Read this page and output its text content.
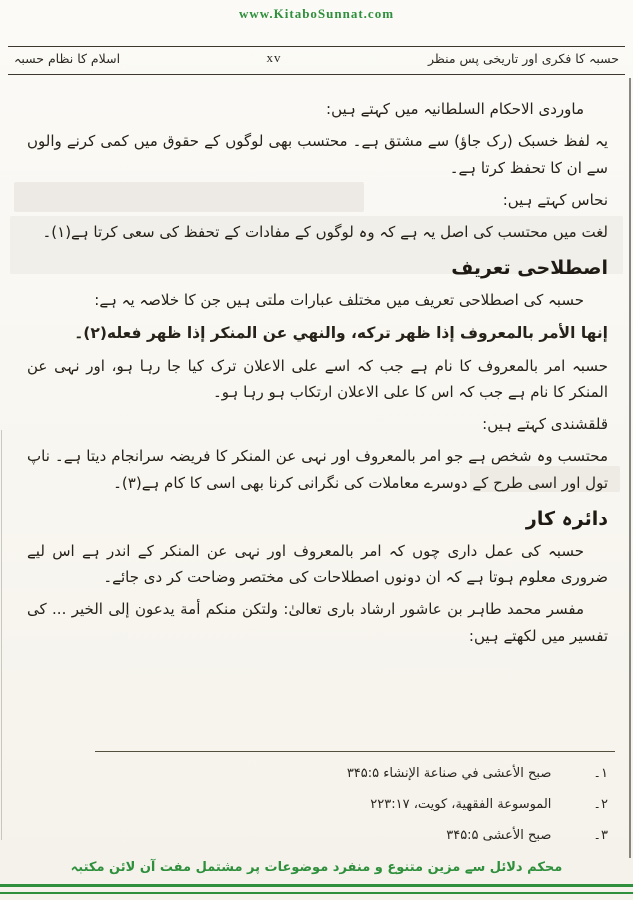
www.KitaboSunnat.com
اسلام کا نظام حسبہ	xv	حسبہ کا فکری اور تاریخی پس منظر

ماوردی الاحکام السلطانیہ میں کہتے ہیں:

یہ لفظ خسبک (رک جاؤ) سے مشتق ہے۔ محتسب بھی لوگوں کے حقوق میں کمی کرنے والوں سے ان کا تحفظ کرتا ہے۔

نحاس کہتے ہیں:

لغت میں محتسب کی اصل یہ ہے کہ وہ لوگوں کے مفادات کے تحفظ کی سعی کرتا ہے(۱)۔

اصطلاحی تعریف

حسبہ کی اصطلاحی تعریف میں مختلف عبارات ملتی ہیں جن کا خلاصہ یہ ہے:

إنها الأمر بالمعروف إذا ظهر تركه، والنهي عن المنكر إذا ظهر فعله(۲)۔

حسبہ امر بالمعروف کا نام ہے جب کہ اسے علی الاعلان ترک کیا جا رہا ہو، اور نہی عن المنکر کا نام ہے جب کہ اس کا علی الاعلان ارتکاب ہو رہا ہو۔

قلقشندی کہتے ہیں:

محتسب وہ شخص ہے جو امر بالمعروف اور نہی عن المنکر کا فریضہ سرانجام دیتا ہے۔ ناپ تول اور اسی طرح کے دوسرے معاملات کی نگرانی کرنا بھی اسی کا کام ہے(۳)۔

دائرہ کار

حسبہ کی عمل داری چوں کہ امر بالمعروف اور نہی عن المنکر کے اندر ہے اس لیے ضروری معلوم ہوتا ہے کہ ان دونوں اصطلاحات کی مختصر وضاحت کر دی جائے۔

مفسر محمد طاہر بن عاشور ارشاد باری تعالیٰ: ولتكن منكم أمة يدعون إلى الخير ... کی تفسیر میں لکھتے ہیں:

۱۔
صبح الأعشى في صناعة الإنشاء ۳۴۵:۵
۲۔
الموسوعة الفقهية، كويت، ۲۲۳:۱۷
۳۔
صبح الأعشى ۳۴۵:۵
محکم دلائل سے مزین متنوع و منفرد موضوعات پر مشتمل مفت آن لائن مکتبہ
